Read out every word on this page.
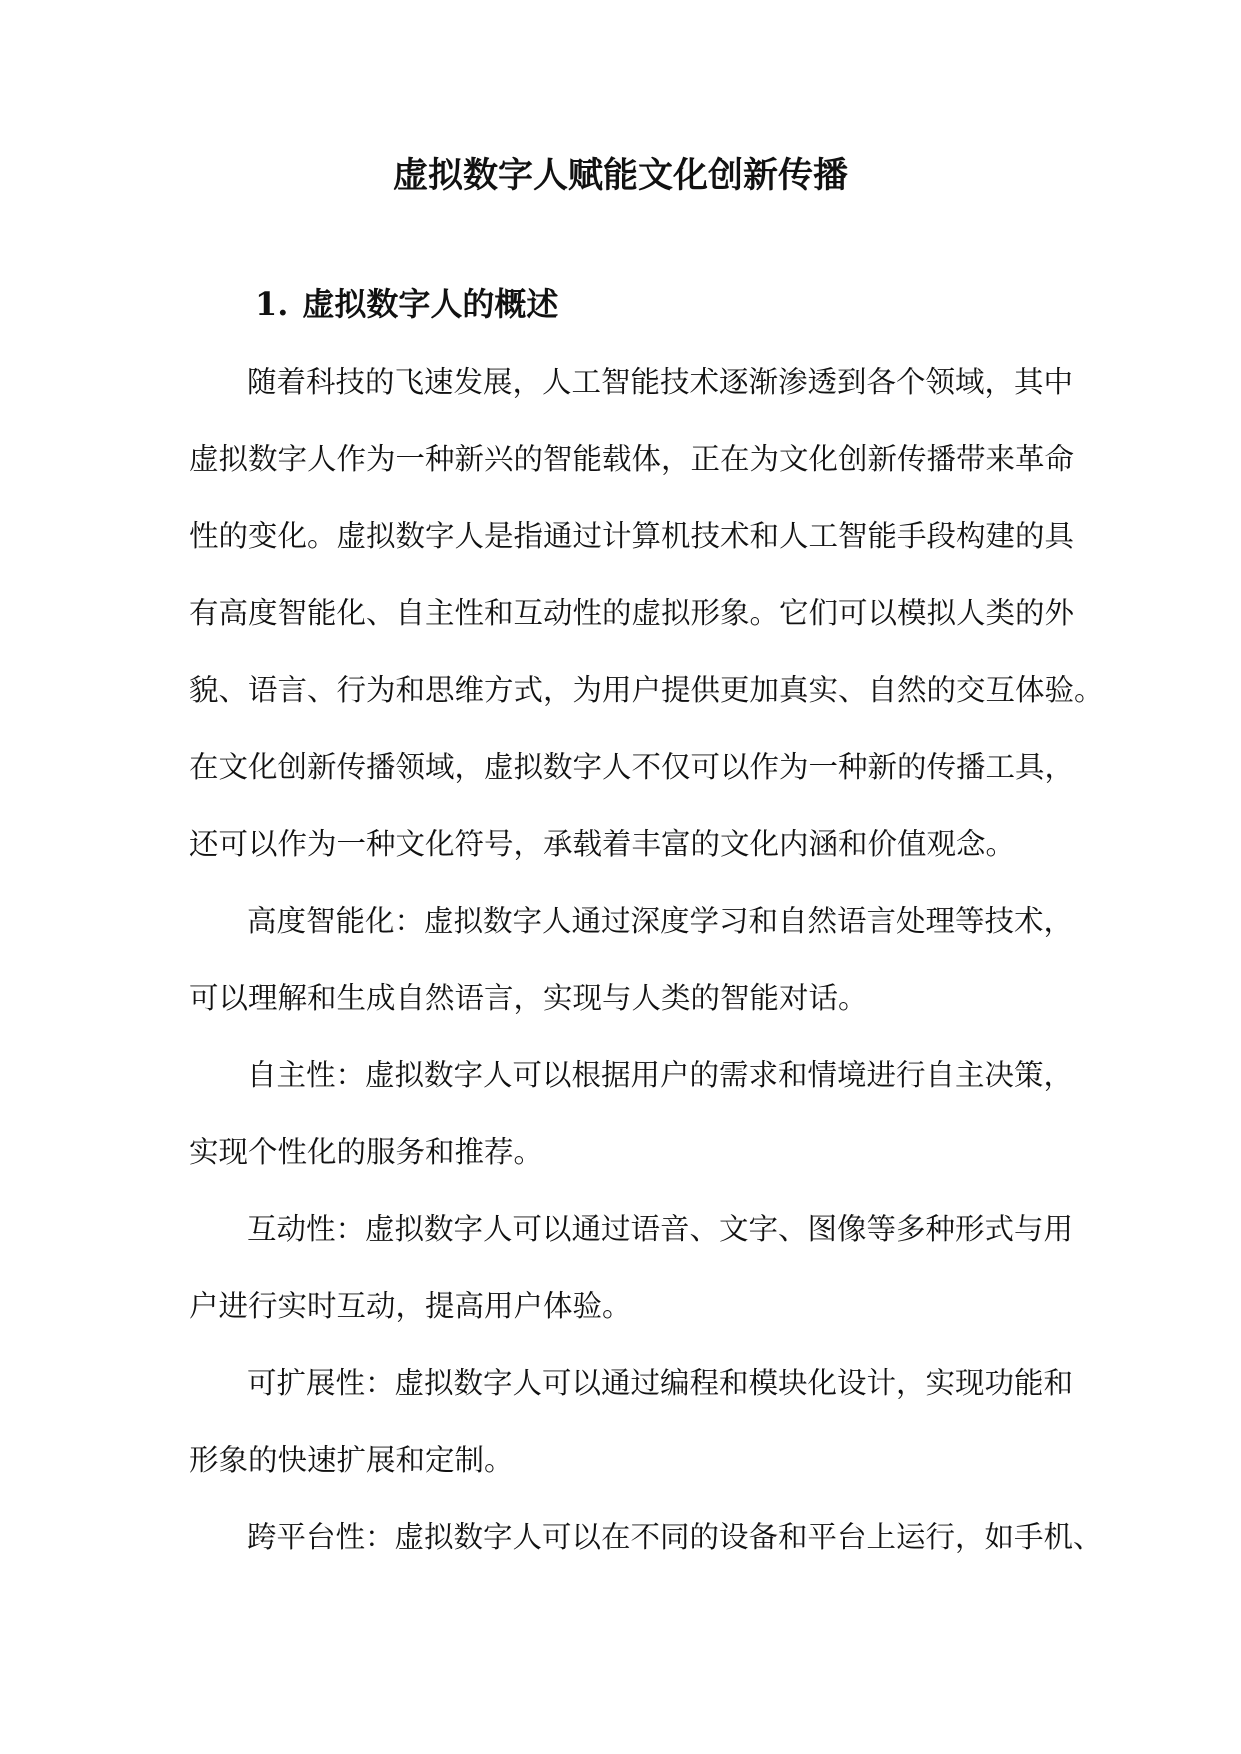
虚拟数字人赋能文化创新传播
1. 虚拟数字人的概述
随着科技的飞速发展，人工智能技术逐渐渗透到各个领域，其中
虚拟数字人作为一种新兴的智能载体，正在为文化创新传播带来革命
性的变化。虚拟数字人是指通过计算机技术和人工智能手段构建的具
有高度智能化、自主性和互动性的虚拟形象。它们可以模拟人类的外
貌、语言、行为和思维方式，为用户提供更加真实、自然的交互体验。
在文化创新传播领域，虚拟数字人不仅可以作为一种新的传播工具，
还可以作为一种文化符号，承载着丰富的文化内涵和价值观念。
高度智能化：虚拟数字人通过深度学习和自然语言处理等技术，
可以理解和生成自然语言，实现与人类的智能对话。
自主性：虚拟数字人可以根据用户的需求和情境进行自主决策，
实现个性化的服务和推荐。
互动性：虚拟数字人可以通过语音、文字、图像等多种形式与用
户进行实时互动，提高用户体验。
可扩展性：虚拟数字人可以通过编程和模块化设计，实现功能和
形象的快速扩展和定制。
跨平台性：虚拟数字人可以在不同的设备和平台上运行，如手机、
